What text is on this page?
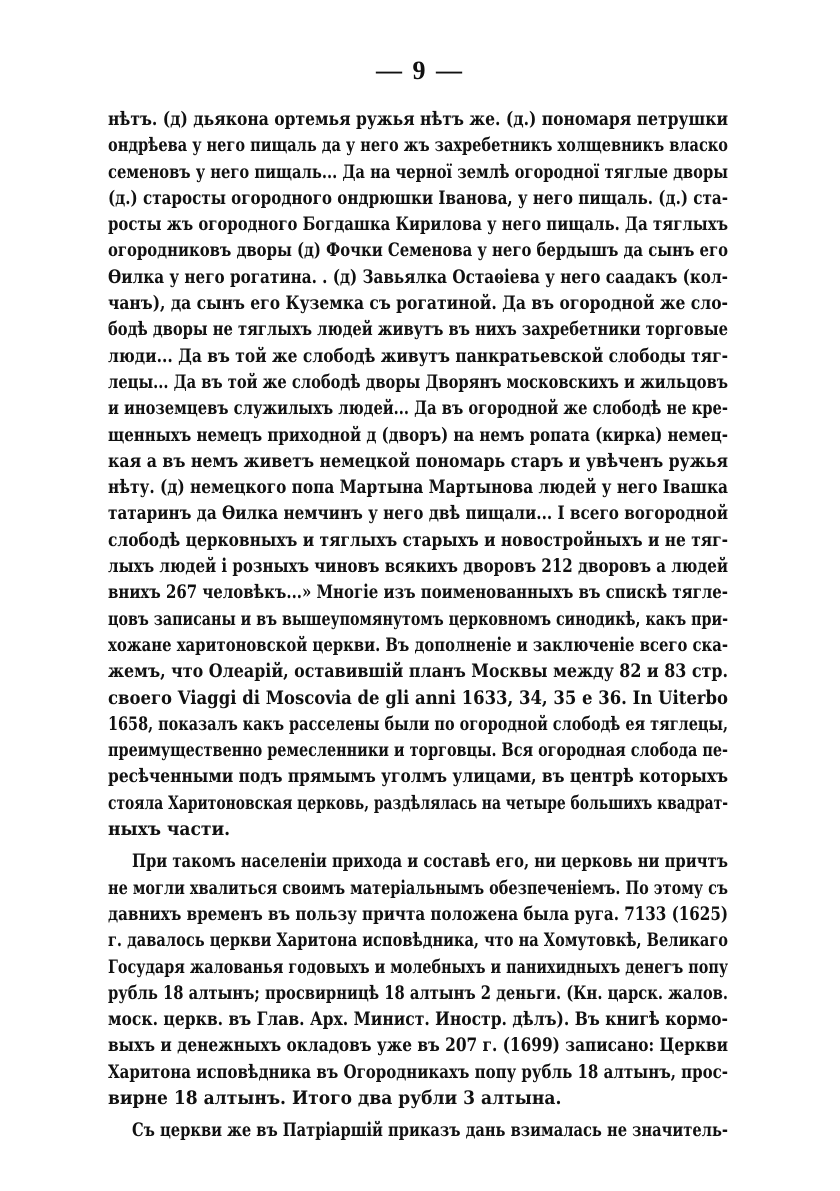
— 9 —
нѣтъ. (д) дьякона ортемья ружья нѣтъ же. (д.) пономаря петрушки
ондрѣева у него пищаль да у него жъ захребетникъ холщевникъ власко
семеновъ у него пищаль... Да на черної землѣ огородної тяглые дворы
(д.) старосты огородного ондрюшки Іванова, у него пищаль. (д.) ста-
росты жъ огородного Богдашка Кирилова у него пищаль. Да тяглыхъ
огородниковъ дворы (д) Фочки Семенова у него бердышъ да сынъ его
Ѳилка у него рогатина. . (д) Завьялка Остаѳіева у него саадакъ (кол-
чанъ), да сынъ его Куземка съ рогатиной. Да въ огородной же сло-
бодѣ дворы не тяглыхъ людей живутъ въ нихъ захребетники торговые
люди... Да въ той же слободѣ живутъ панкратьевской слободы тяг-
лецы... Да въ той же слободѣ дворы Дворянъ московскихъ и жильцовъ
и иноземцевъ служилыхъ людей... Да въ огородной же слободѣ не кре-
щенныхъ немецъ приходной д (дворъ) на немъ ропата (кирка) немец-
кая а въ немъ живетъ немецкой пономарь старъ и увѣченъ ружья
нѣту. (д) немецкого попа Мартына Мартынова людей у него Івашка
татаринъ да Ѳилка немчинъ у него двѣ пищали... І всего вогородной
слободѣ церковныхъ и тяглыхъ старыхъ и новостройныхъ и не тяг-
лыхъ людей і розныхъ чиновъ всякихъ дворовъ 212 дворовъ а людей
внихъ 267 человѣкъ...» Многіе изъ поименованныхъ въ спискѣ тягле-
цовъ записаны и въ вышеупомянутомъ церковномъ синодикѣ, какъ при-
хожане харитоновской церкви. Въ дополненіе и заключеніе всего ска-
жемъ, что Олеарій, оставившій планъ Москвы между 82 и 83 стр.
своего Viaggi di Moscovia de gli anni 1633, 34, 35 e 36. In Uiterbo
1658, показалъ какъ расселены были по огородной слободѣ ея тяглецы,
преимущественно ремесленники и торговцы. Вся огородная слобода пе-
ресѣченными подъ прямымъ уголмъ улицами, въ центрѣ которыхъ
стояла Харитоновская церковь, раздѣлялась на четыре большихъ квадрат-
ныхъ части.
При такомъ населеніи прихода и составѣ его, ни церковь ни причтъ
не могли хвалиться своимъ матеріальнымъ обезпеченіемъ. По этому съ
давнихъ временъ въ пользу причта положена была руга. 7133 (1625)
г. давалось церкви Харитона исповѣдника, что на Хомутовкѣ, Великаго
Государя жалованья годовыхъ и молебныхъ и панихидныхъ денегъ попу
рубль 18 алтынъ; просвирницѣ 18 алтынъ 2 деньги. (Кн. царск. жалов.
моск. церкв. въ Глав. Арх. Минист. Иностр. дѣлъ). Въ книгѣ кормо-
выхъ и денежныхъ окладовъ уже въ 207 г. (1699) записано: Церкви
Харитона исповѣдника въ Огородникахъ попу рубль 18 алтынъ, прос-
вирне 18 алтынъ. Итого два рубли 3 алтына.
Съ церкви же въ Патріаршій приказъ дань взималась не значитель-
